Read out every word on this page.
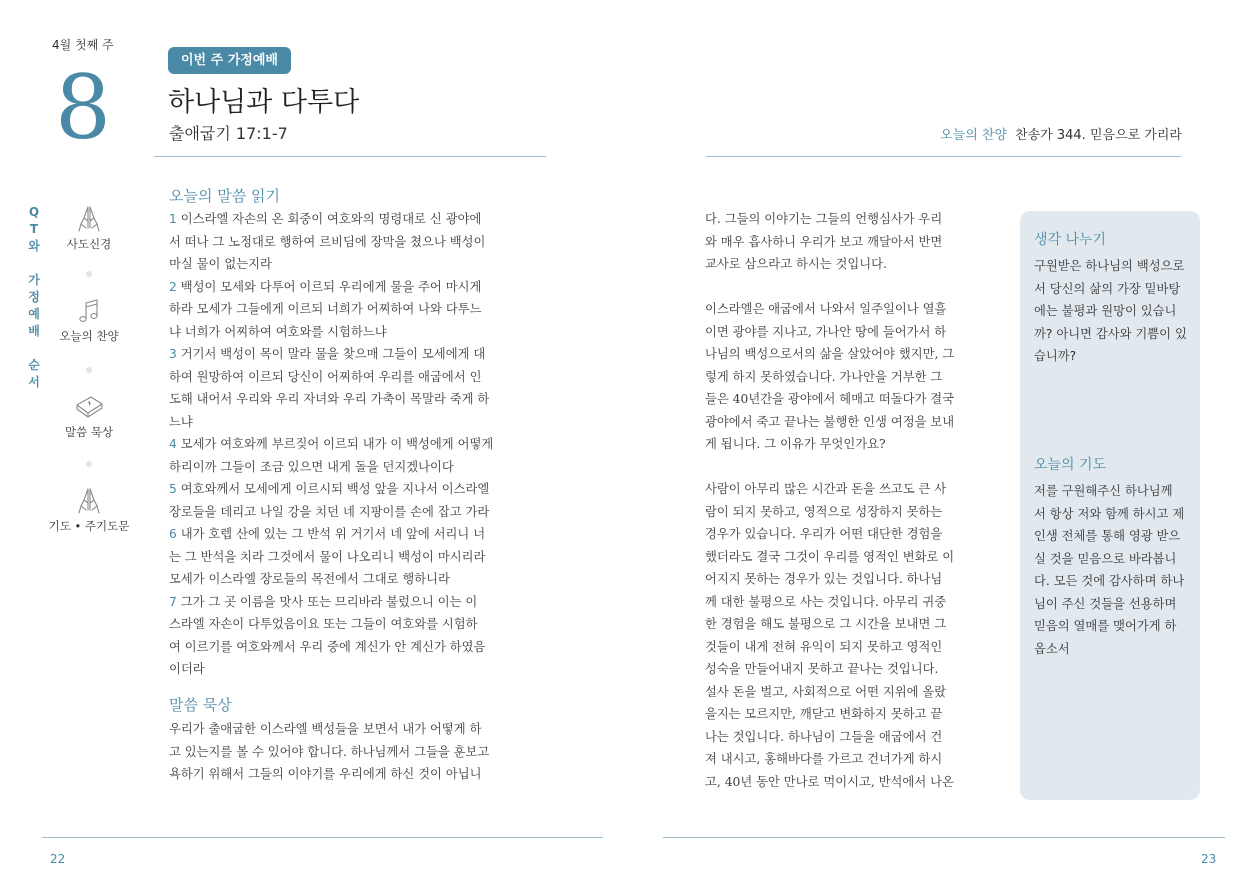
4월 첫째 주
8	이번 주 가정예배
하나님과 다투다
출애굽기 17:1-7
Q
T
와
가
정
예
배
순
서
사도신경
오늘의 찬양
말씀 묵상
기도 • 주기도문
오늘의 말씀 읽기
1 이스라엘 자손의 온 회중이 여호와의 명령대로 신 광야에
서 떠나 그 노정대로 행하여 르비딤에 장막을 쳤으나 백성이
마실 물이 없는지라
2 백성이 모세와 다투어 이르되 우리에게 물을 주어 마시게
하라 모세가 그들에게 이르되 너희가 어찌하여 나와 다투느
냐 너희가 어찌하여 여호와를 시험하느냐
3 거기서 백성이 목이 말라 물을 찾으매 그들이 모세에게 대
하여 원망하여 이르되 당신이 어찌하여 우리를 애굽에서 인
도해 내어서 우리와 우리 자녀와 우리 가축이 목말라 죽게 하
느냐
4 모세가 여호와께 부르짖어 이르되 내가 이 백성에게 어떻게
하리이까 그들이 조금 있으면 내게 돌을 던지겠나이다
5 여호와께서 모세에게 이르시되 백성 앞을 지나서 이스라엘
장로들을 데리고 나일 강을 치던 네 지팡이를 손에 잡고 가라
6 내가 호렙 산에 있는 그 반석 위 거기서 네 앞에 서리니 너
는 그 반석을 치라 그것에서 물이 나오리니 백성이 마시리라
모세가 이스라엘 장로들의 목전에서 그대로 행하니라
7 그가 그 곳 이름을 맛사 또는 므리바라 불렀으니 이는 이
스라엘 자손이 다투었음이요 또는 그들이 여호와를 시험하
여 이르기를 여호와께서 우리 중에 계신가 안 계신가 하였음
이더라
말씀 묵상
우리가 출애굽한 이스라엘 백성들을 보면서 내가 어떻게 하
고 있는지를 볼 수 있어야 합니다. 하나님께서 그들을 훈보고
욕하기 위해서 그들의 이야기를 우리에게 하신 것이 아닙니
22
오늘의 찬양 찬송가 344. 믿음으로 가리라
다. 그들의 이야기는 그들의 언행심사가 우리
와 매우 흡사하니 우리가 보고 깨달아서 반면
교사로 삼으라고 하시는 것입니다.
이스라엘은 애굽에서 나와서 일주일이나 열흘
이면 광야를 지나고, 가나안 땅에 들어가서 하
나님의 백성으로서의 삶을 살았어야 했지만, 그
렇게 하지 못하였습니다. 가나안을 거부한 그
들은 40년간을 광야에서 헤매고 떠돌다가 결국
광야에서 죽고 끝나는 불행한 인생 여정을 보내
게 됩니다. 그 이유가 무엇인가요?
사람이 아무리 많은 시간과 돈을 쓰고도 큰 사
람이 되지 못하고, 영적으로 성장하지 못하는
경우가 있습니다. 우리가 어떤 대단한 경험을
했더라도 결국 그것이 우리를 영적인 변화로 이
어지지 못하는 경우가 있는 것입니다. 하나님
께 대한 불평으로 사는 것입니다. 아무리 귀중
한 경험을 해도 불평으로 그 시간을 보내면 그
것들이 내게 전혀 유익이 되지 못하고 영적인
성숙을 만들어내지 못하고 끝나는 것입니다.
설사 돈을 벌고, 사회적으로 어떤 지위에 올랐
을지는 모르지만, 깨닫고 변화하지 못하고 끝
나는 것입니다. 하나님이 그들을 애굽에서 건
져 내시고, 홍해바다를 가르고 건너가게 하시
고, 40년 동안 만나로 먹이시고, 반석에서 나온
생각 나누기
구원받은 하나님의 백성으로
서 당신의 삶의 가장 밑바탕
에는 불평과 원망이 있습니
까? 아니면 감사와 기쁨이 있
습니까?
오늘의 기도
저를 구원해주신 하나님께
서 항상 저와 함께 하시고 제
인생 전체를 통해 영광 받으
실 것을 믿음으로 바라봅니
다. 모든 것에 감사하며 하나
님이 주신 것들을 선용하며
믿음의 열매를 맺어가게 하
옵소서
23
